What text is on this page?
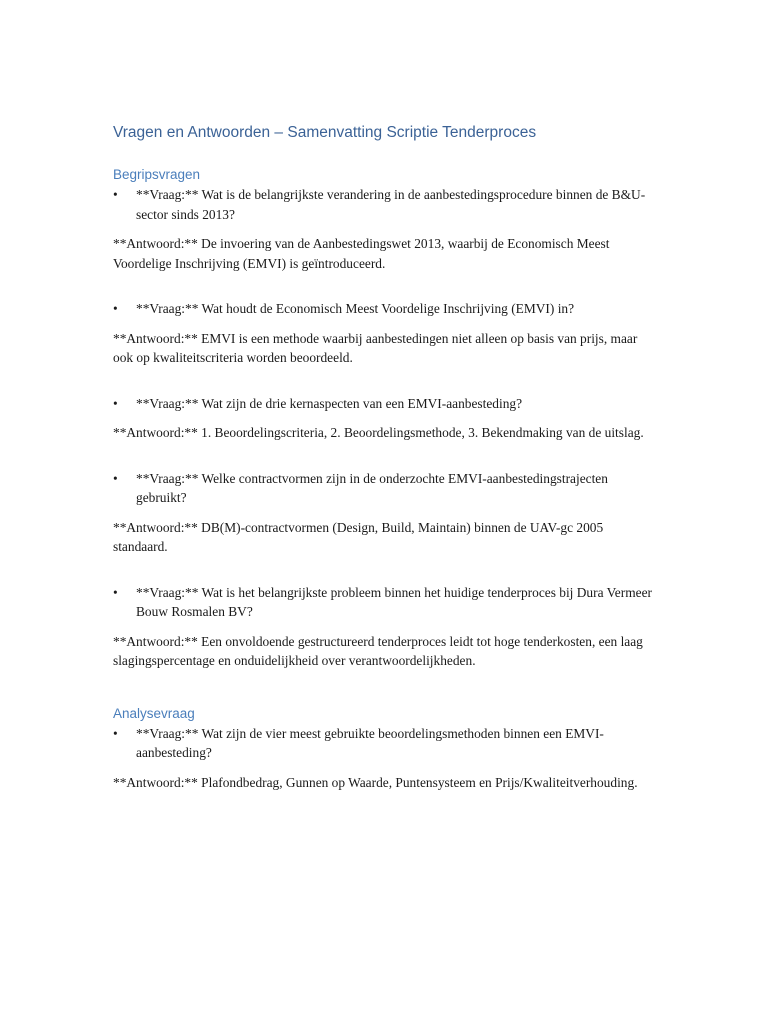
Vragen en Antwoorden – Samenvatting Scriptie Tenderproces
Begripsvragen
• **Vraag:** Wat is de belangrijkste verandering in de aanbestedingsprocedure binnen de B&U-sector sinds 2013?

**Antwoord:** De invoering van de Aanbestedingswet 2013, waarbij de Economisch Meest Voordelige Inschrijving (EMVI) is geïntroduceerd.

• **Vraag:** Wat houdt de Economisch Meest Voordelige Inschrijving (EMVI) in?

**Antwoord:** EMVI is een methode waarbij aanbestedingen niet alleen op basis van prijs, maar ook op kwaliteitscriteria worden beoordeeld.

• **Vraag:** Wat zijn de drie kernaspecten van een EMVI-aanbesteding?

**Antwoord:** 1. Beoordelingscriteria, 2. Beoordelingsmethode, 3. Bekendmaking van de uitslag.

• **Vraag:** Welke contractvormen zijn in de onderzochte EMVI-aanbestedingstrajecten gebruikt?

**Antwoord:** DB(M)-contractvormen (Design, Build, Maintain) binnen de UAV-gc 2005 standaard.

• **Vraag:** Wat is het belangrijkste probleem binnen het huidige tenderproces bij Dura Vermeer Bouw Rosmalen BV?

**Antwoord:** Een onvoldoende gestructureerd tenderproces leidt tot hoge tenderkosten, een laag slagingspercentage en onduidelijkheid over verantwoordelijkheden.

Analysevraag
• **Vraag:** Wat zijn de vier meest gebruikte beoordelingsmethoden binnen een EMVI-aanbesteding?

**Antwoord:** Plafondbedrag, Gunnen op Waarde, Puntensysteem en Prijs/Kwaliteitverhouding.
